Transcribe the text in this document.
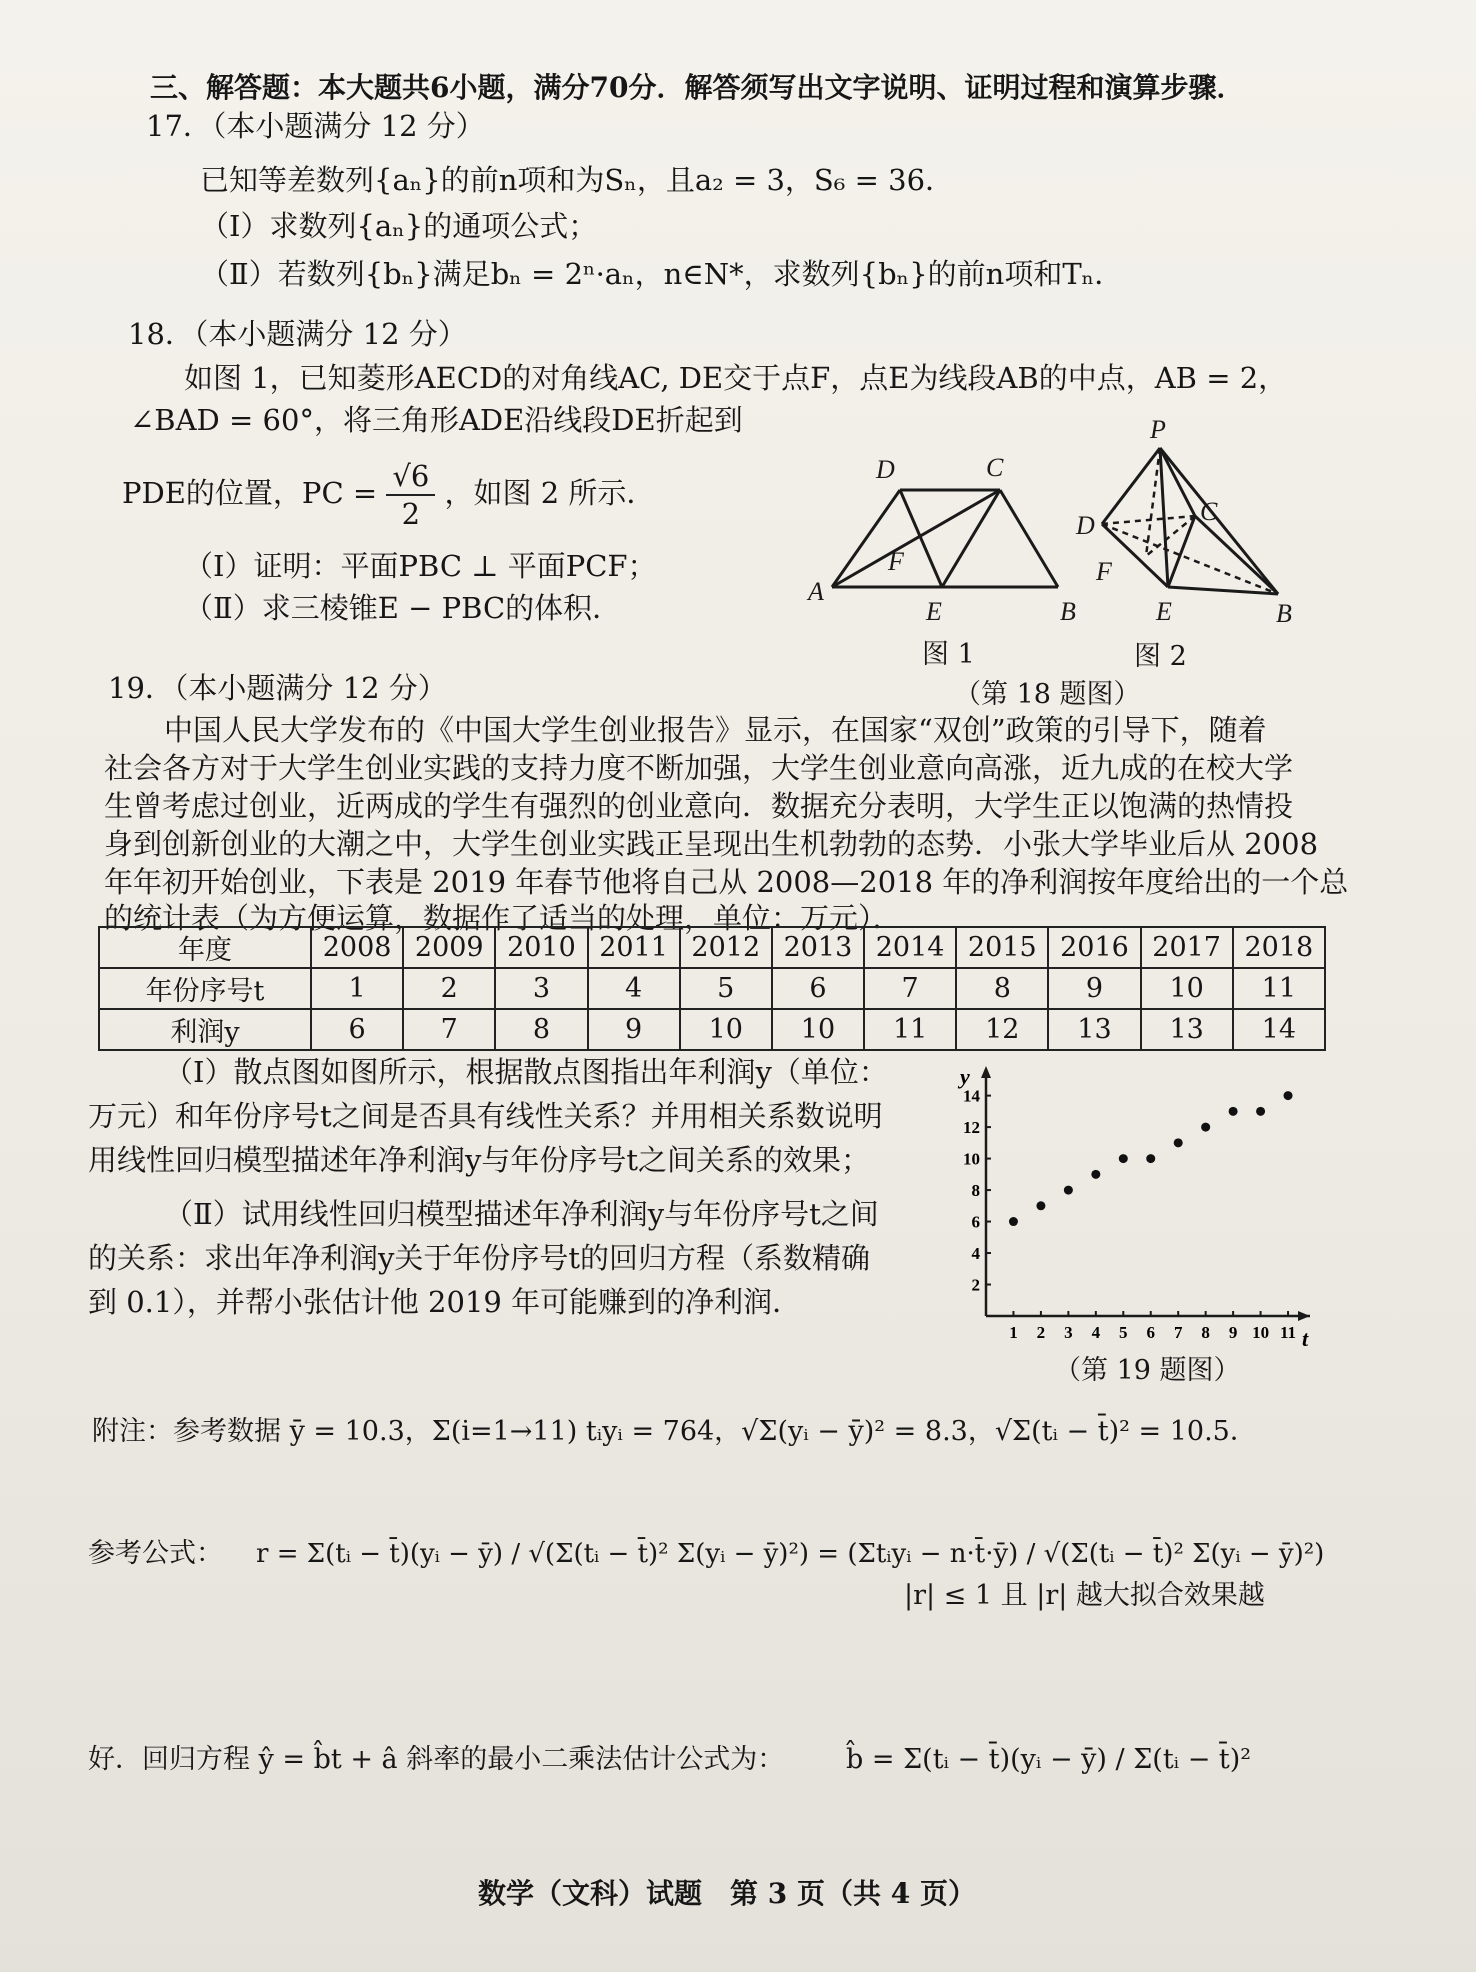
三、解答题：本大题共6小题，满分70分．解答须写出文字说明、证明过程和演算步骤．
17．（本小题满分 12 分）
已知等差数列{aₙ}的前n项和为Sₙ，且a₂ = 3，S₆ = 36．
（Ⅰ）求数列{aₙ}的通项公式；
（Ⅱ）若数列{bₙ}满足bₙ = 2ⁿ·aₙ，n∈N*，求数列{bₙ}的前n项和Tₙ．
18．（本小题满分 12 分）
如图 1，已知菱形AECD的对角线AC, DE交于点F，点E为线段AB的中点，AB = 2，
∠BAD = 60°，将三角形ADE沿线段DE折起到
PDE的位置，PC = $\frac{√6}{2}$ ，如图 2 所示．
（Ⅰ）证明：平面PBC ⊥ 平面PCF；
（Ⅱ）求三棱锥E − PBC的体积．	A
B
C
D
E
F
P
B
C
D
E
F
图 1	图 2
（第 18 题图）
19．（本小题满分 12 分）
中国人民大学发布的《中国大学生创业报告》显示，在国家“双创”政策的引导下，随着
社会各方对于大学生创业实践的支持力度不断加强，大学生创业意向高涨，近九成的在校大学
生曾考虑过创业，近两成的学生有强烈的创业意向．数据充分表明，大学生正以饱满的热情投
身到创新创业的大潮之中，大学生创业实践正呈现出生机勃勃的态势．小张大学毕业后从 2008
年年初开始创业，下表是 2019 年春节他将自己从 2008—2018 年的净利润按年度给出的一个总
的统计表（为方便运算，数据作了适当的处理，单位：万元）．
年度	2008	2009	2010	2011	2012	2013	2014	2015	2016	2017	2018
年份序号t	1	2	3	4	5	6	7	8	9	10	11
利润y	6	7	8	9	10	10	11	12	13	13	14
（Ⅰ）散点图如图所示，根据散点图指出年利润y（单位：
万元）和年份序号t之间是否具有线性关系？并用相关系数说明
用线性回归模型描述年净利润y与年份序号t之间关系的效果；
（Ⅱ）试用线性回归模型描述年净利润y与年份序号t之间
的关系：求出年净利润y关于年份序号t的回归方程（系数精确
到 0.1），并帮小张估计他 2019 年可能赚到的净利润．
y
t
1 2 3 4 5 6 7 8 9 10 11
2
4
6
8
10
12
14
（第 19 题图）
附注：参考数据 ȳ = 10.3，Σ(i=1→11) tᵢyᵢ = 764，√Σ(yᵢ − ȳ)² = 8.3，√Σ(tᵢ − t̄)² = 10.5．
参考公式： r = Σ(tᵢ − t̄)(yᵢ − ȳ) / √(Σ(tᵢ − t̄)² Σ(yᵢ − ȳ)²) = (Σtᵢyᵢ − n·t̄·ȳ) / √(Σ(tᵢ − t̄)² Σ(yᵢ − ȳ)²)
|r| ≤ 1 且 |r| 越大拟合效果越
好．回归方程 ŷ = b̂t + â 斜率的最小二乘法估计公式为： b̂ = Σ(tᵢ − t̄)(yᵢ − ȳ) / Σ(tᵢ − t̄)²
数学（文科）试题　第 3 页（共 4 页）
